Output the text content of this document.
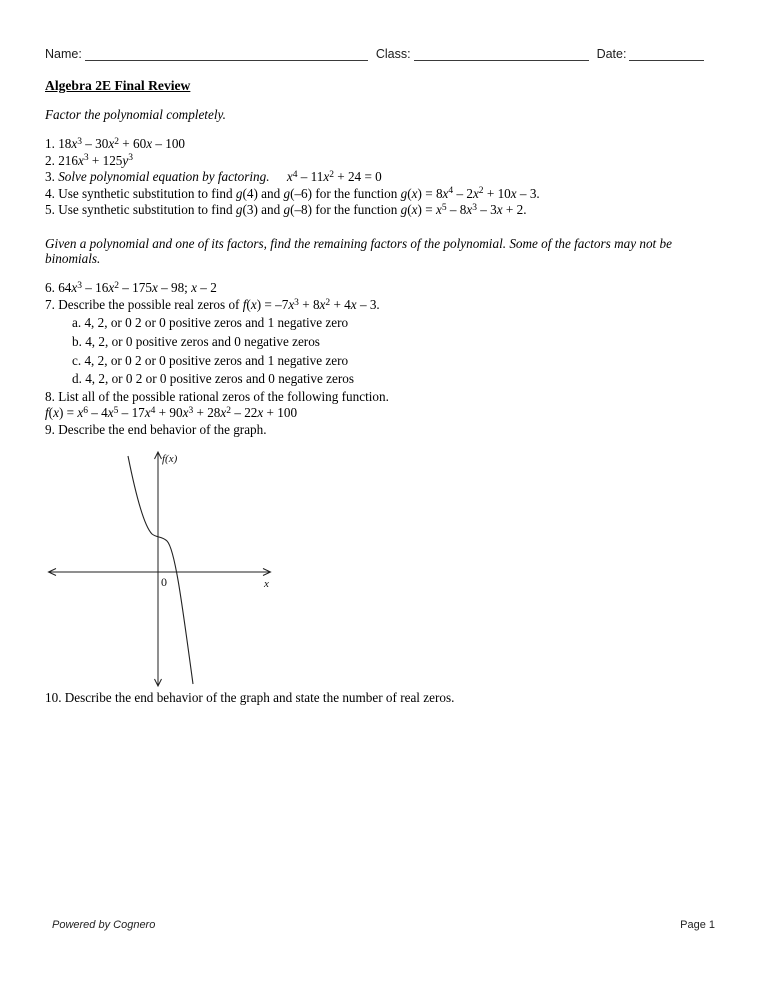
Name:	Class:	Date:
Algebra 2E Final Review

Factor the polynomial completely.

1. $18x^3 - 30x^2 + 60x - 100$

2. $216x^3 + 125y^3$

3. Solve polynomial equation by factoring. $x^4 - 11x^2 + 24 = 0$

4. Use synthetic substitution to find g(4) and g(–6) for the function $g(x) = 8x^4 - 2x^2 + 10x - 3$.

5. Use synthetic substitution to find g(3) and g(–8) for the function $g(x) = x^5 - 8x^3 - 3x + 2$.

Given a polynomial and one of its factors, find the remaining factors of the polynomial. Some of the factors may not be binomials.

6. $64x^3 - 16x^2 - 175x - 98$; x – 2

7. Describe the possible real zeros of $f(x) = -7x^3 + 8x^2 + 4x - 3$.

a. 4, 2, or 0 2 or 0 positive zeros and 1 negative zero
b. 4, 2, or 0 positive zeros and 0 negative zeros
c. 4, 2, or 0 2 or 0 positive zeros and 1 negative zero
d. 4, 2, or 0 2 or 0 positive zeros and 0 negative zeros

8. List all of the possible rational zeros of the following function.

$f(x) = x^6 - 4x^5 - 17x^4 + 90x^3 + 28x^2 - 22x + 100$

9. Describe the end behavior of the graph.

f(x)
0	x

10. Describe the end behavior of the graph and state the number of real zeros.

Powered by Cognero	Page 1
